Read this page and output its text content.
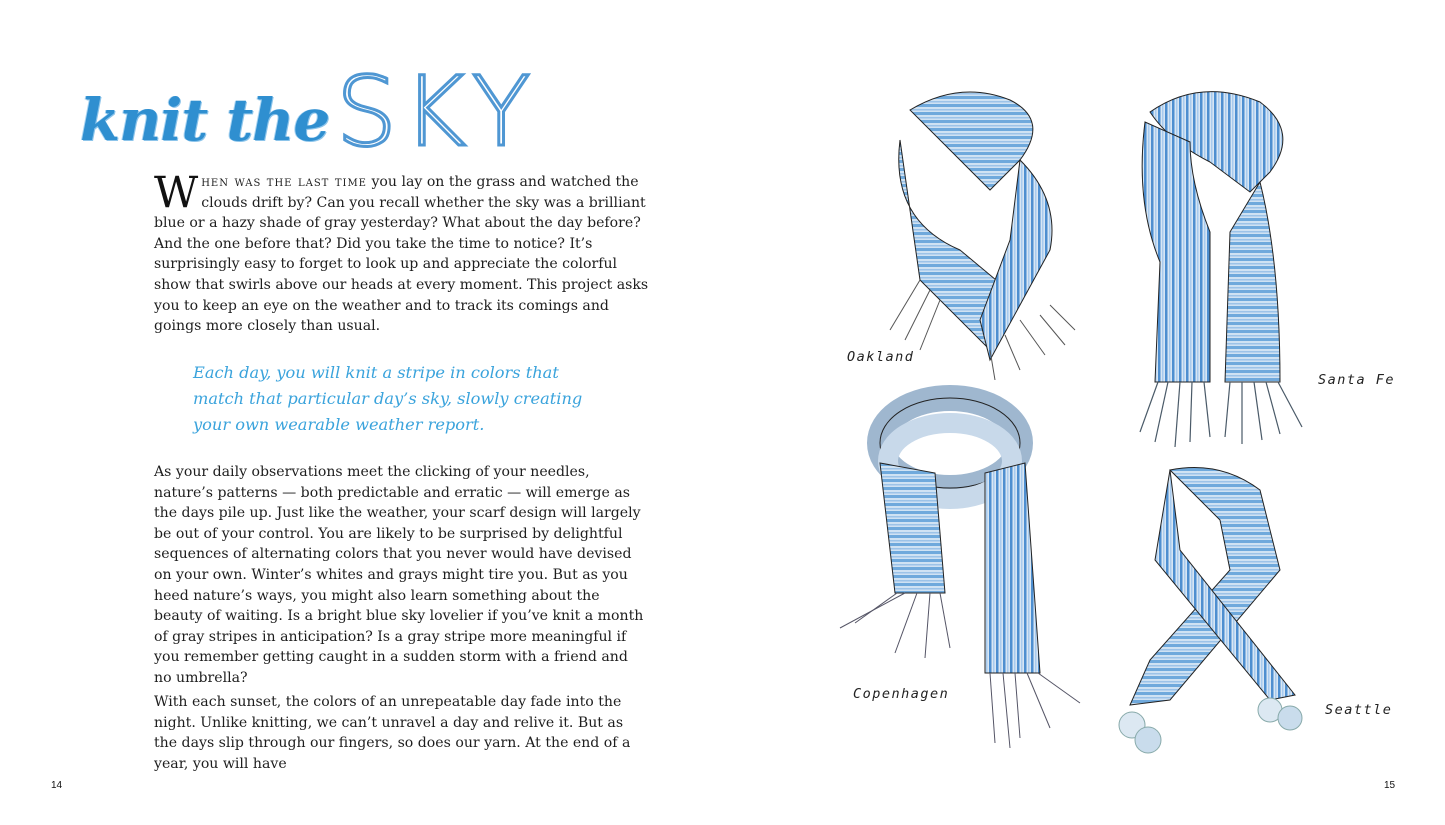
knit the SKY
When was the last time you lay on the grass and watched the clouds drift by? Can you recall whether the sky was a brilliant blue or a hazy shade of gray yesterday? What about the day before? And the one before that? Did you take the time to notice? It’s surprisingly easy to forget to look up and appreciate the colorful show that swirls above our heads at every moment. This project asks you to keep an eye on the weather and to track its comings and goings more closely than usual.
Each day, you will knit a stripe in colors that match that particular day’s sky, slowly creating your own wearable weather report.
As your daily observations meet the clicking of your needles, nature’s patterns — both predictable and erratic — will emerge as the days pile up. Just like the weather, your scarf design will largely be out of your control. You are likely to be surprised by delightful sequences of alternating colors that you never would have devised on your own. Winter’s whites and grays might tire you. But as you heed nature’s ways, you might also learn something about the beauty of waiting. Is a bright blue sky lovelier if you’ve knit a month of gray stripes in anticipation? Is a gray stripe more meaningful if you remember getting caught in a sudden storm with a friend and no umbrella?
With each sunset, the colors of an unrepeatable day fade into the night. Unlike knitting, we can’t unravel a day and relive it. But as the days slip through our fingers, so does our yarn. At the end of a year, you will have
14	15
Oakland
Santa Fe
Copenhagen
Seattle
